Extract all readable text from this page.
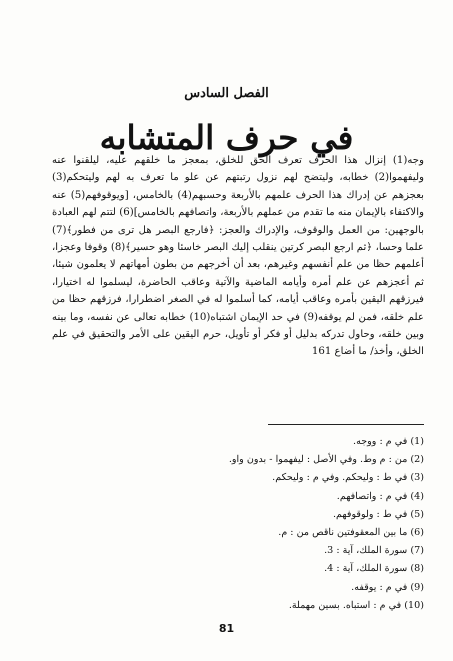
الفصل السادس
في حرف المتشابه

وجه(1) إنزال هذا الحرف تعرف الحق للخلق، بمعجز ما خلقهم عليه، ليلقنوا عنه وليفهموا(2) خطابه، وليتضح لهم نزول رتبتهم عن علو ما تعرف به لهم وليتحكم(3) بعجزهم عن إدراك هذا الحرف علمهم بالأربعة وحسبهم(4) بالخامس، [ويوقوفهم(5) عنه والاكتفاء بالإيمان منه ما تقدم من عملهم بالأربعة، واتصافهم بالخامس](6) لتتم لهم العبادة بالوجهين: من العمل والوقوف، والإدراك والعجز: ﴿فارجع البصر هل ترى من فطور﴾(7) علما وحسا، ﴿ثم ارجع البصر كرتين ينقلب إليك البصر خاسئا وهو حسير﴾(8) وقوفا وعجزا، أعلمهم حظا من علم أنفسهم وغيرهم، بعد أن أخرجهم من بطون أمهاتهم لا يعلمون شيئا، ثم أعجزهم عن علم أمره وأيامه الماضية والآتية وعاقب الحاضرة، ليسلموا له اختيارا، فيرزقهم اليقين بأمره وعاقب أيامه، كما أسلموا له في الصغر اضطرارا، فرزقهم حظا من علم خلقه، فمن لم يوقفه(9) في حد الإيمان اشتباه(10) خطابه تعالى عن نفسه، وما بينه وبين خلقه، وحاول تدركه بدليل أو فكر أو تأويل، حرم اليقين على الأمر والتحقيق في علم الخلق، وأخذ/ ما أضاع 161

(1) في م : ووجه.
(2) من : م وط. وفي الأصل : ليفهموا - بدون واو.
(3) في ط : وليحكم. وفي م : وليحكم.
(4) في م : واتصافهم.
(5) في ط : ولوقوفهم.
(6) ما بين المعقوفتين ناقص من : م.
(7) سورة الملك، آية : 3.
(8) سورة الملك، آية : 4.
(9) في م : يوقفه.
(10) في م : استباه. بسين مهملة.
81
